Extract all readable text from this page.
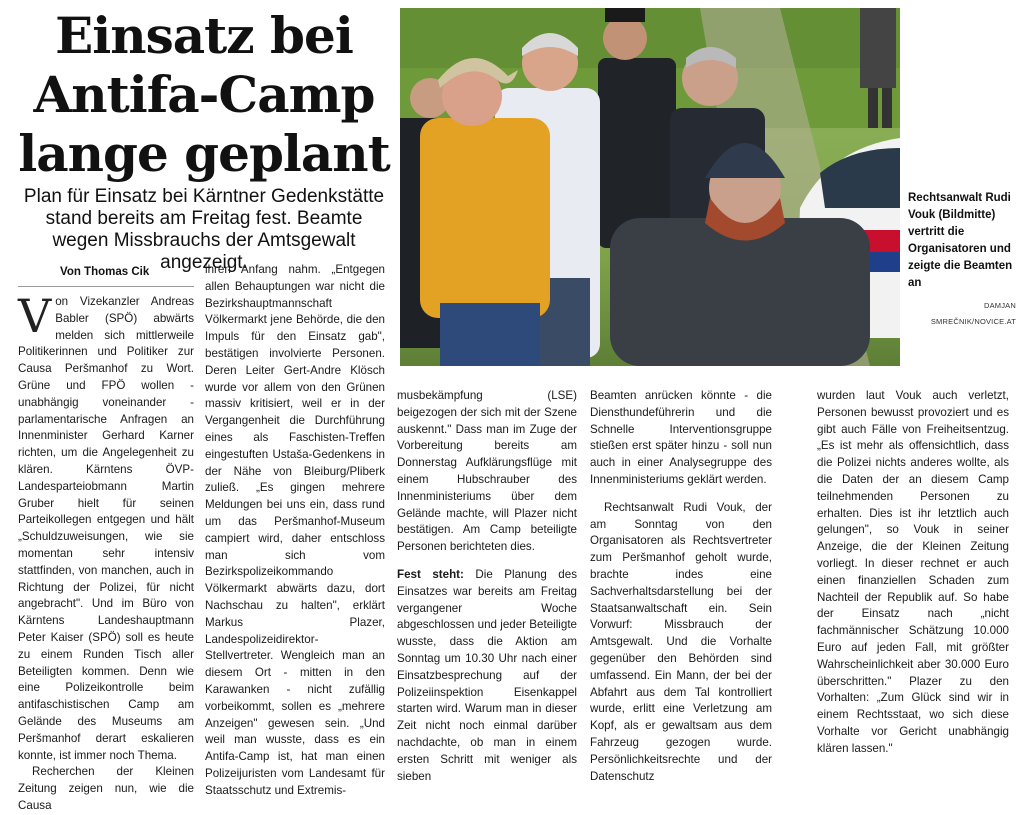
Einsatz bei Antifa-Camp lange geplant
Plan für Einsatz bei Kärntner Gedenkstätte stand bereits am Freitag fest. Beamte wegen Missbrauchs der Amtsgewalt angezeigt.
Rechtsanwalt Rudi Vouk (Bildmitte) vertritt die Organisatoren und zeigte die Beamten an
DAMJAN SMREČNIK/NOVICE.AT
Von Thomas Cik

Von Vizekanzler Andreas Babler (SPÖ) abwärts melden sich mittlerweile Politikerinnen und Politiker zur Causa Peršmanhof zu Wort. Grüne und FPÖ wollen - unabhängig voneinander - parlamentarische Anfragen an Innenminister Gerhard Karner richten, um die Angelegenheit zu klären. Kärntens ÖVP-Landesparteiobmann Martin Gruber hielt für seinen Parteikollegen entgegen und hält „Schuldzuweisungen, wie sie momentan sehr intensiv stattfinden, von manchen, auch in Richtung der Polizei, für nicht angebracht". Und im Büro von Kärntens Landeshauptmann Peter Kaiser (SPÖ) soll es heute zu einem Runden Tisch aller Beteiligten kommen. Denn wie eine Polizeikontrolle beim antifaschistischen Camp am Gelände des Museums am Peršmanhof derart eskalieren konnte, ist immer noch Thema.

Recherchen der Kleinen Zeitung zeigen nun, wie die Causa

ihren Anfang nahm. „Entgegen allen Behauptungen war nicht die Bezirkshauptmannschaft Völkermarkt jene Behörde, die den Impuls für den Einsatz gab", bestätigen involvierte Personen. Deren Leiter Gert-Andre Klösch wurde vor allem von den Grünen massiv kritisiert, weil er in der Vergangenheit die Durchführung eines als Faschisten-Treffen eingestuften Ustaša-Gedenkens in der Nähe von Bleiburg/Pliberk zuließ. „Es gingen mehrere Meldungen bei uns ein, dass rund um das Peršmanhof-Museum campiert wird, daher entschloss man sich vom Bezirkspolizeikommando Völkermarkt abwärts dazu, dort Nachschau zu halten", erklärt Markus Plazer, Landespolizeidirektor-Stellvertreter. Wengleich man an diesem Ort - mitten in den Karawanken - nicht zufällig vorbeikommt, sollen es „mehrere Anzeigen" gewesen sein. „Und weil man wusste, dass es ein Antifa-Camp ist, hat man einen Polizeijuristen vom Landesamt für Staatsschutz und Extremis-

musbekämpfung (LSE) beigezogen der sich mit der Szene auskennt." Dass man im Zuge der Vorbereitung bereits am Donnerstag Aufklärungsflüge mit einem Hubschrauber des Innenministeriums über dem Gelände machte, will Plazer nicht bestätigen. Am Camp beteiligte Personen berichteten dies.

Fest steht: Die Planung des Einsatzes war bereits am Freitag vergangener Woche abgeschlossen und jeder Beteiligte wusste, dass die Aktion am Sonntag um 10.30 Uhr nach einer Einsatzbesprechung auf der Polizeiinspektion Eisenkappel starten wird. Warum man in dieser Zeit nicht noch einmal darüber nachdachte, ob man in einem ersten Schritt mit weniger als sieben

Beamten anrücken könnte - die Diensthundeführerin und die Schnelle Interventionsgruppe stießen erst später hinzu - soll nun auch in einer Analysegruppe des Innenministeriums geklärt werden.

Rechtsanwalt Rudi Vouk, der am Sonntag von den Organisatoren als Rechtsvertreter zum Peršmanhof geholt wurde, brachte indes eine Sachverhaltsdarstellung bei der Staatsanwaltschaft ein. Sein Vorwurf: Missbrauch der Amtsgewalt. Und die Vorhalte gegenüber den Behörden sind umfassend. Ein Mann, der bei der Abfahrt aus dem Tal kontrolliert wurde, erlitt eine Verletzung am Kopf, als er gewaltsam aus dem Fahrzeug gezogen wurde. Persönlichkeitsrechte und der Datenschutz

wurden laut Vouk auch verletzt, Personen bewusst provoziert und es gibt auch Fälle von Freiheitsentzug. „Es ist mehr als offensichtlich, dass die Polizei nichts anderes wollte, als die Daten der an diesem Camp teilnehmenden Personen zu erhalten. Dies ist ihr letztlich auch gelungen", so Vouk in seiner Anzeige, die der Kleinen Zeitung vorliegt. In dieser rechnet er auch einen finanziellen Schaden zum Nachteil der Republik auf. So habe der Einsatz nach „nicht fachmännischer Schätzung 10.000 Euro auf jeden Fall, mit größter Wahrscheinlichkeit aber 30.000 Euro überschritten." Plazer zu den Vorhalten: „Zum Glück sind wir in einem Rechtsstaat, wo sich diese Vorhalte vor Gericht unabhängig klären lassen."
